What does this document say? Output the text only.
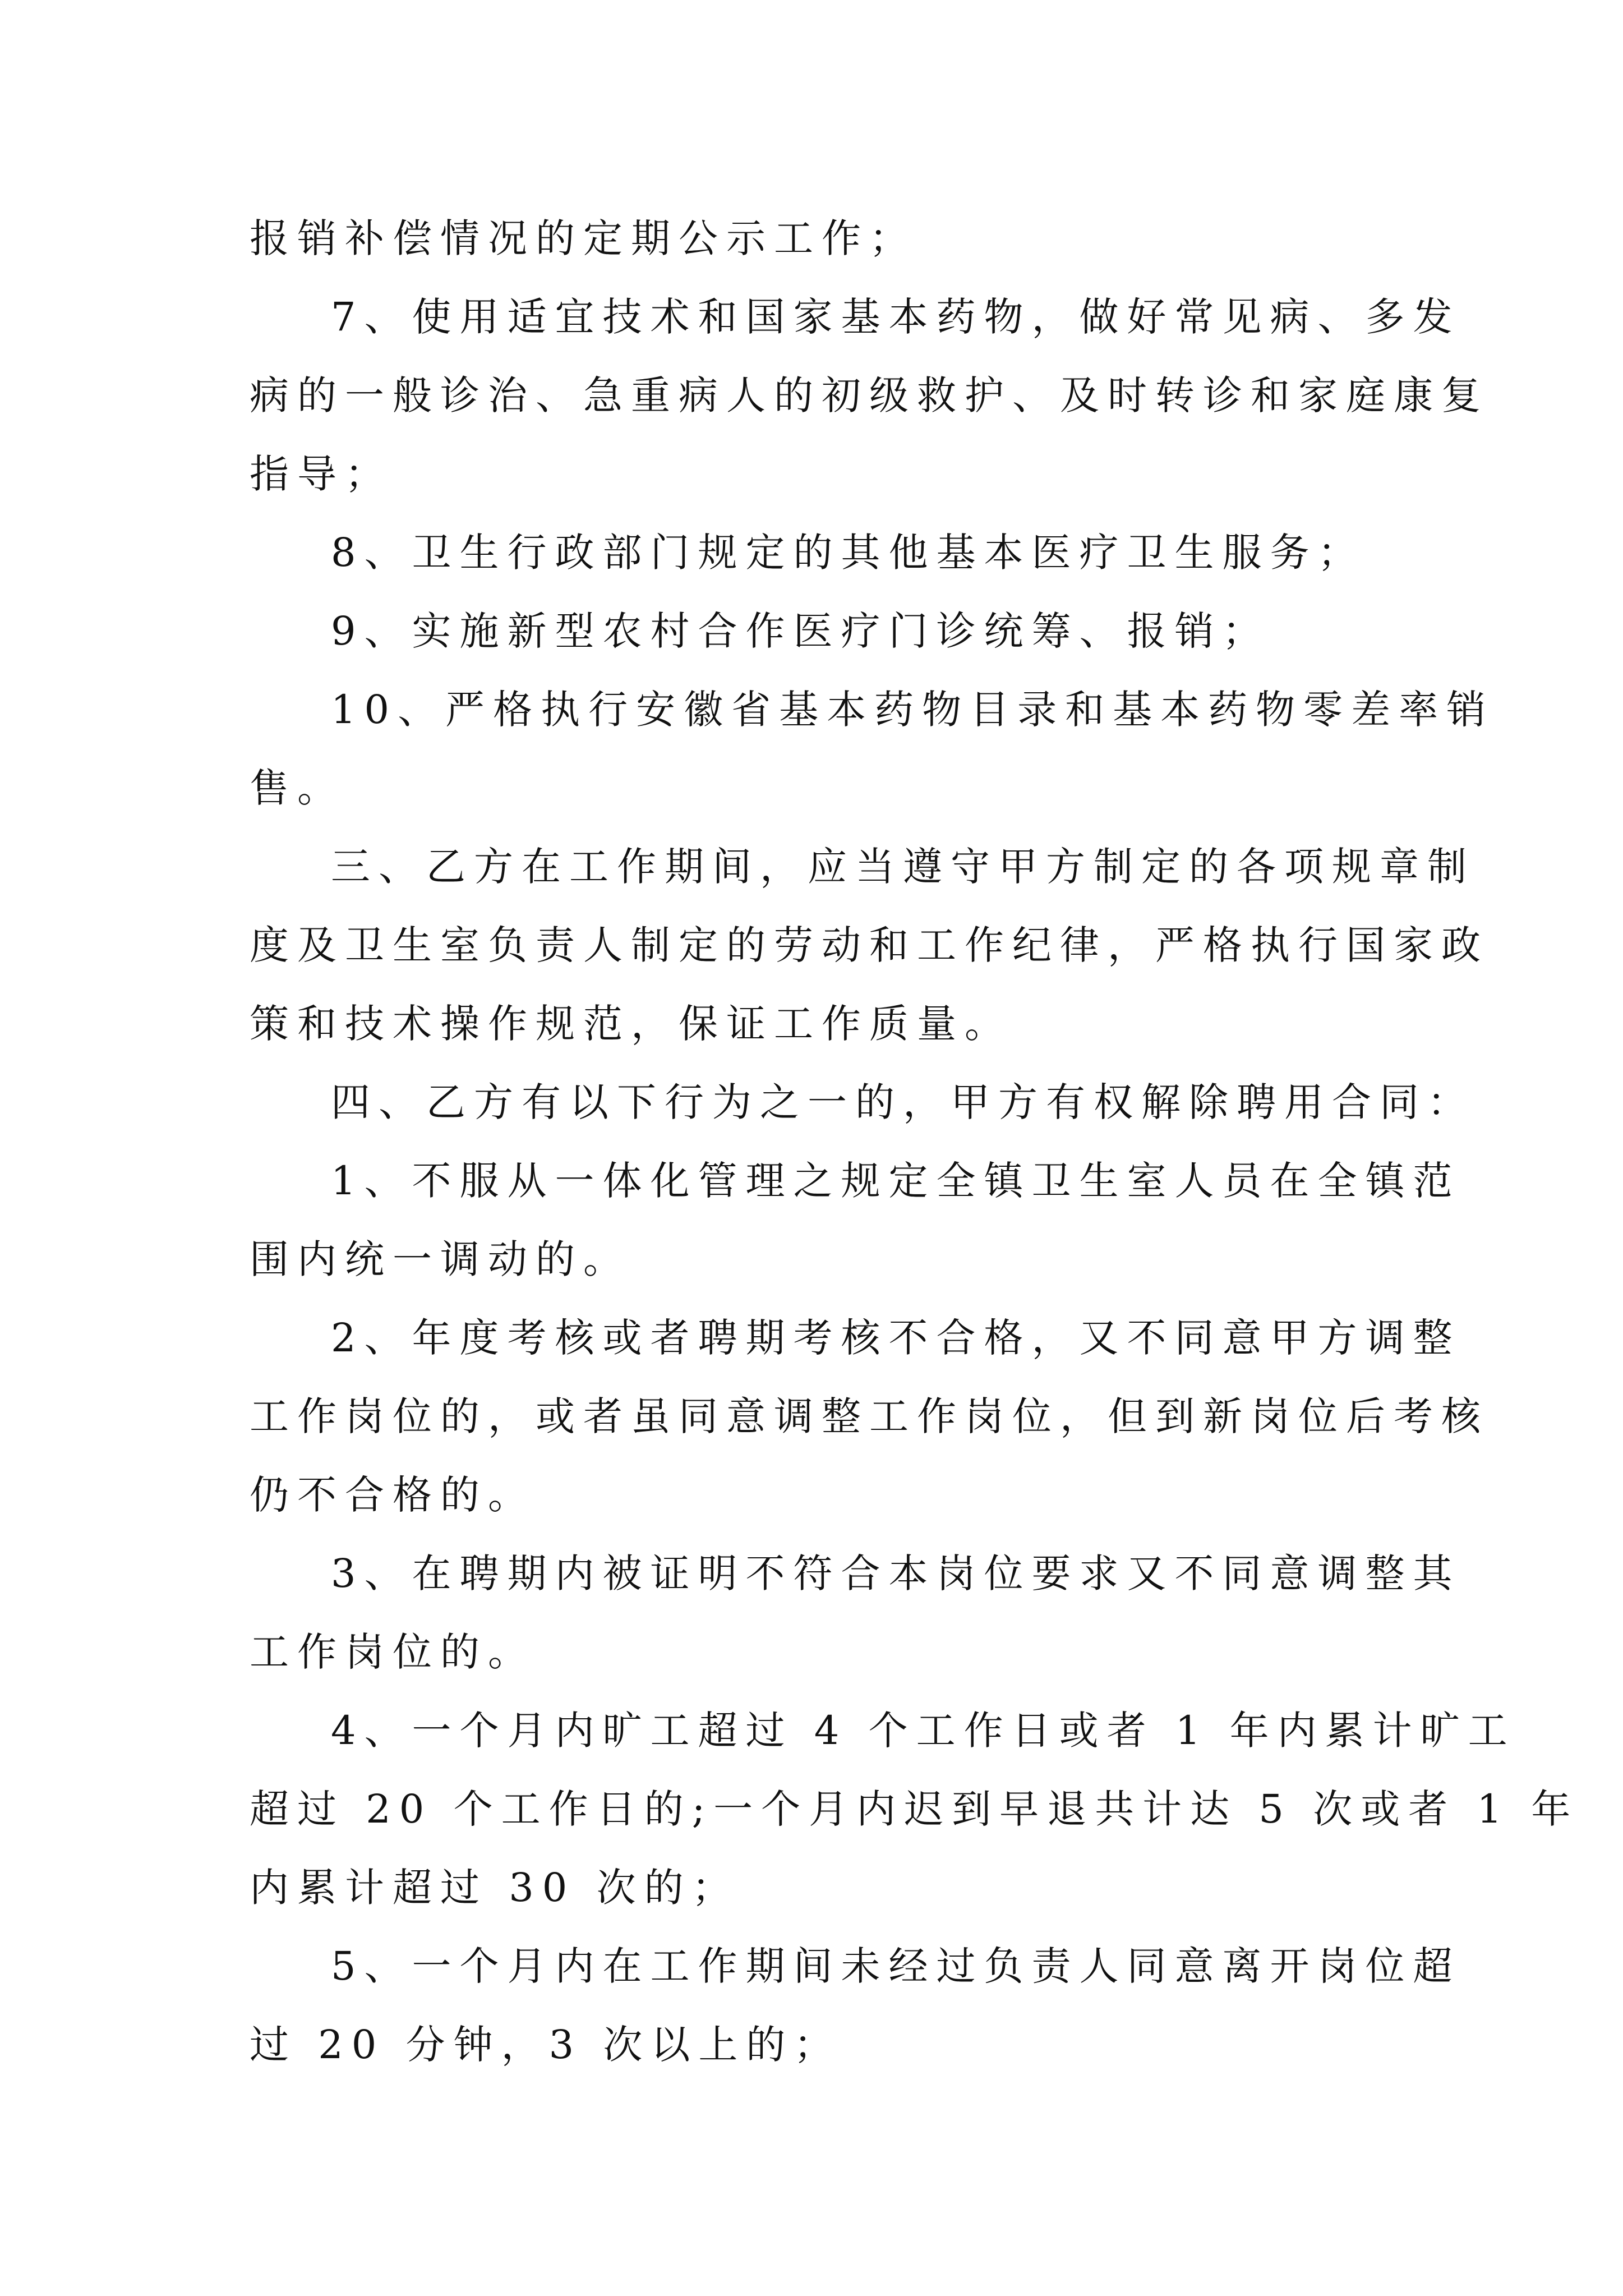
报销补偿情况的定期公示工作；
7、使用适宜技术和国家基本药物，做好常见病、多发
病的一般诊治、急重病人的初级救护、及时转诊和家庭康复
指导；
8、卫生行政部门规定的其他基本医疗卫生服务；
9、实施新型农村合作医疗门诊统筹、报销；
10、严格执行安徽省基本药物目录和基本药物零差率销
售。
三、乙方在工作期间，应当遵守甲方制定的各项规章制
度及卫生室负责人制定的劳动和工作纪律，严格执行国家政
策和技术操作规范，保证工作质量。
四、乙方有以下行为之一的，甲方有权解除聘用合同：
1、不服从一体化管理之规定全镇卫生室人员在全镇范
围内统一调动的。
2、年度考核或者聘期考核不合格，又不同意甲方调整
工作岗位的，或者虽同意调整工作岗位，但到新岗位后考核
仍不合格的。
3、在聘期内被证明不符合本岗位要求又不同意调整其
工作岗位的。
4、一个月内旷工超过 4 个工作日或者 1 年内累计旷工
超过 20 个工作日的;一个月内迟到早退共计达 5 次或者 1 年
内累计超过 30 次的；
5、一个月内在工作期间未经过负责人同意离开岗位超
过 20 分钟，3 次以上的；
